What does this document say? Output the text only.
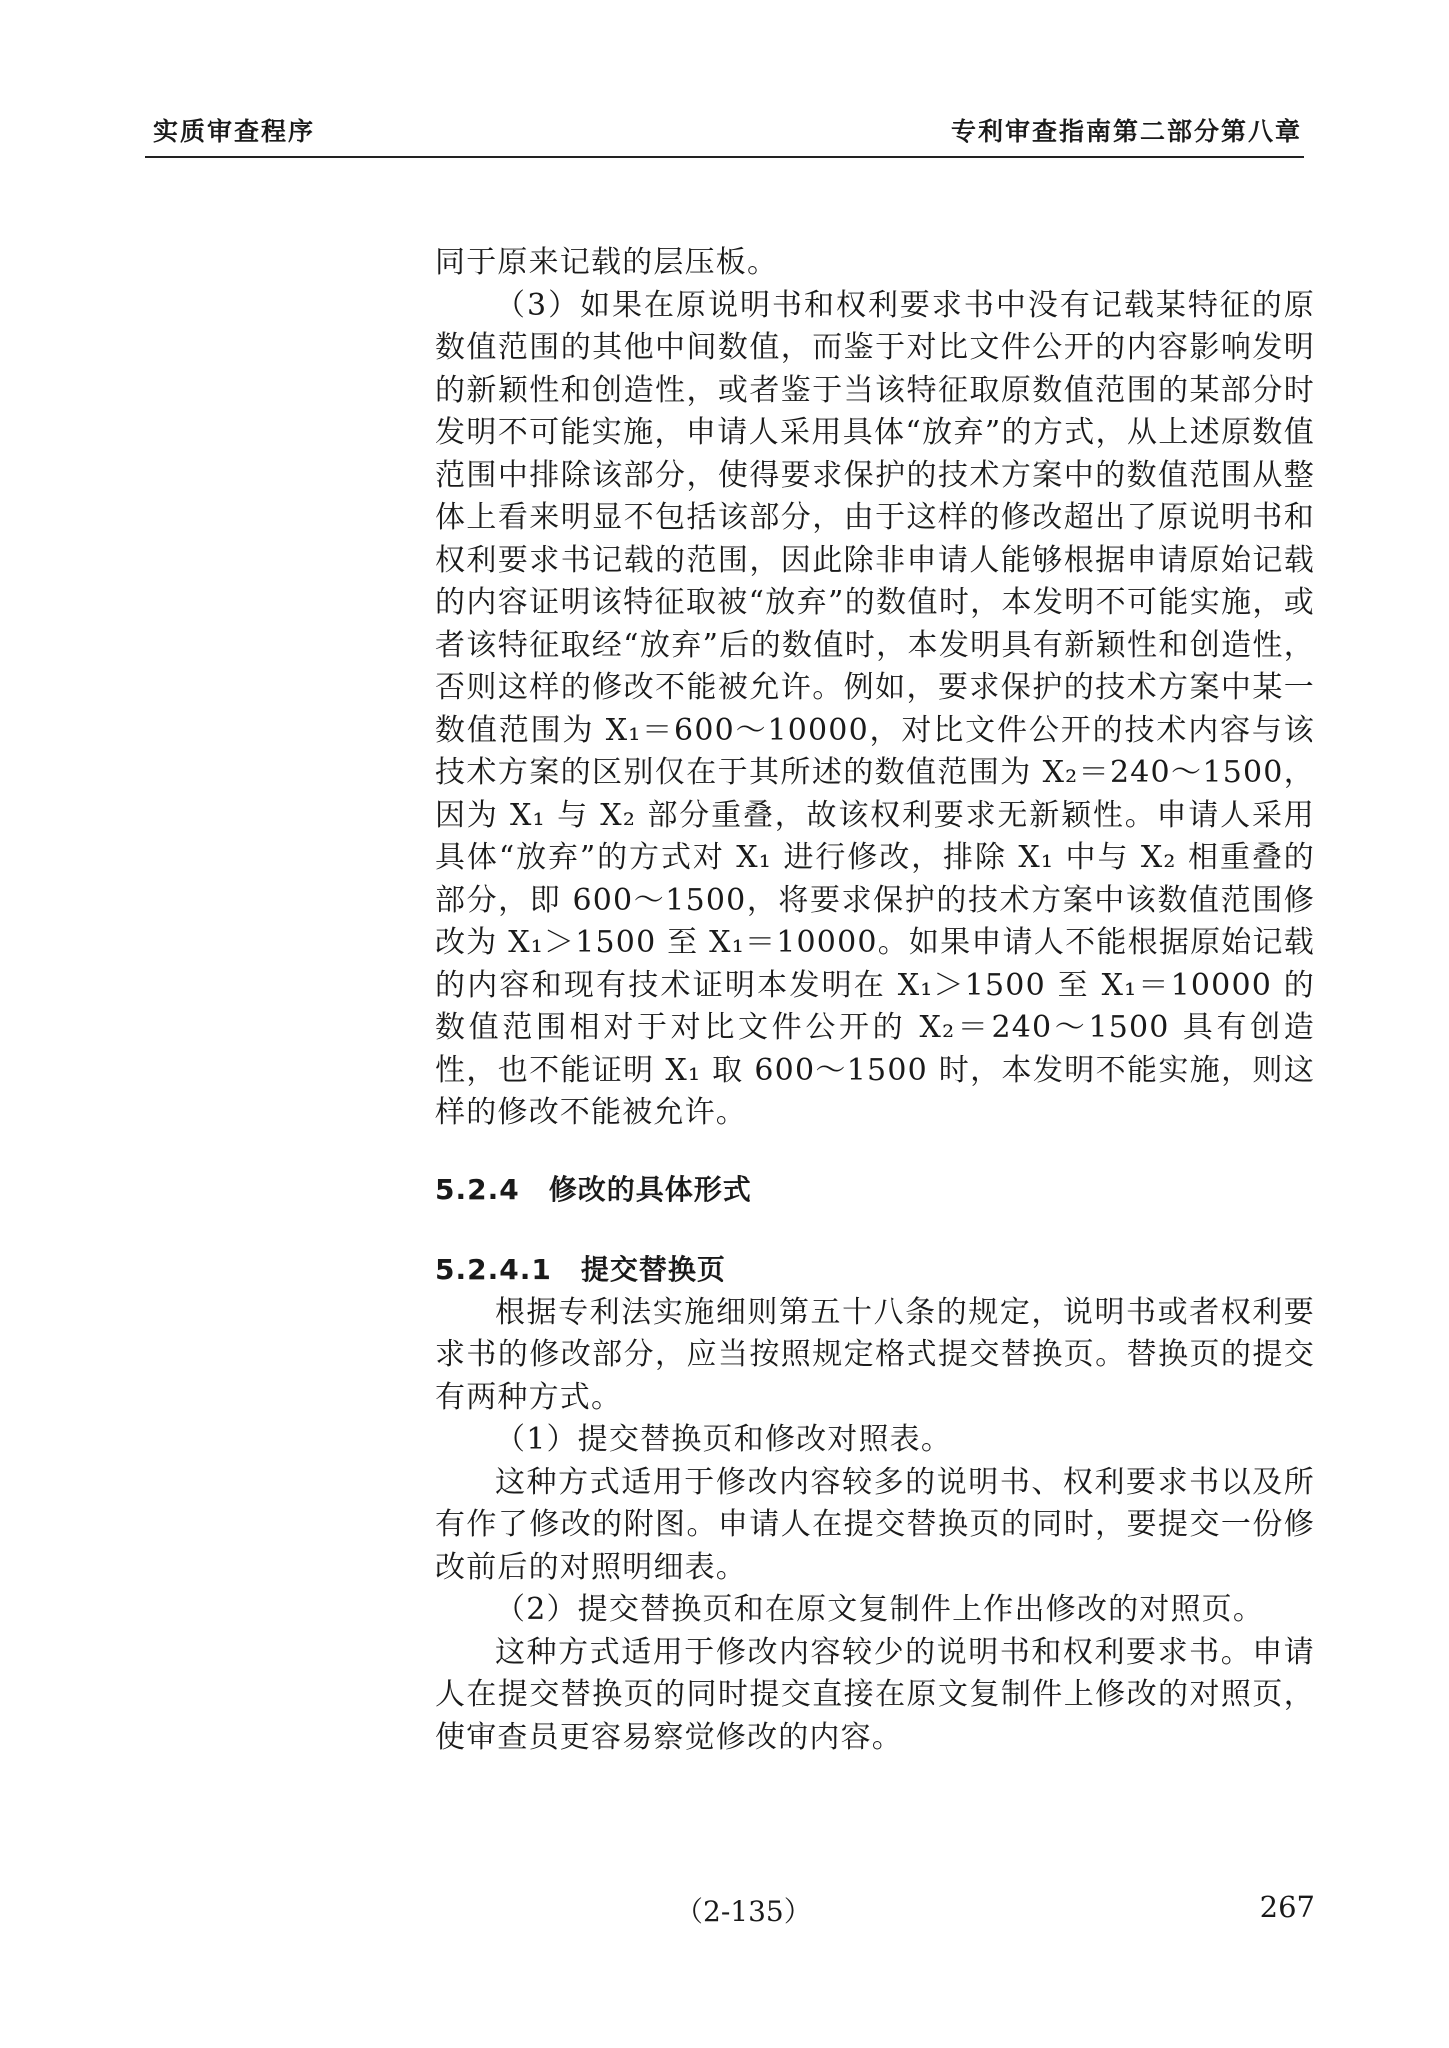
实质审查程序	专利审查指南第二部分第八章

同于原来记载的层压板。

（3）如果在原说明书和权利要求书中没有记载某特征的原数值范围的其他中间数值，而鉴于对比文件公开的内容影响发明的新颖性和创造性，或者鉴于当该特征取原数值范围的某部分时发明不可能实施，申请人采用具体“放弃”的方式，从上述原数值范围中排除该部分，使得要求保护的技术方案中的数值范围从整体上看来明显不包括该部分，由于这样的修改超出了原说明书和权利要求书记载的范围，因此除非申请人能够根据申请原始记载的内容证明该特征取被“放弃”的数值时，本发明不可能实施，或者该特征取经“放弃”后的数值时，本发明具有新颖性和创造性，否则这样的修改不能被允许。例如，要求保护的技术方案中某一数值范围为 X₁＝600～10000，对比文件公开的技术内容与该技术方案的区别仅在于其所述的数值范围为 X₂＝240～1500，因为 X₁ 与 X₂ 部分重叠，故该权利要求无新颖性。申请人采用具体“放弃”的方式对 X₁ 进行修改，排除 X₁ 中与 X₂ 相重叠的部分，即 600～1500，将要求保护的技术方案中该数值范围修改为 X₁＞1500 至 X₁＝10000。如果申请人不能根据原始记载的内容和现有技术证明本发明在 X₁＞1500 至 X₁＝10000 的数值范围相对于对比文件公开的 X₂＝240～1500 具有创造性，也不能证明 X₁ 取 600～1500 时，本发明不能实施，则这样的修改不能被允许。

5.2.4　修改的具体形式

5.2.4.1　提交替换页

根据专利法实施细则第五十八条的规定，说明书或者权利要求书的修改部分，应当按照规定格式提交替换页。替换页的提交有两种方式。

（1）提交替换页和修改对照表。

这种方式适用于修改内容较多的说明书、权利要求书以及所有作了修改的附图。申请人在提交替换页的同时，要提交一份修改前后的对照明细表。

（2）提交替换页和在原文复制件上作出修改的对照页。

这种方式适用于修改内容较少的说明书和权利要求书。申请人在提交替换页的同时提交直接在原文复制件上修改的对照页，使审查员更容易察觉修改的内容。

（2-135）	267
